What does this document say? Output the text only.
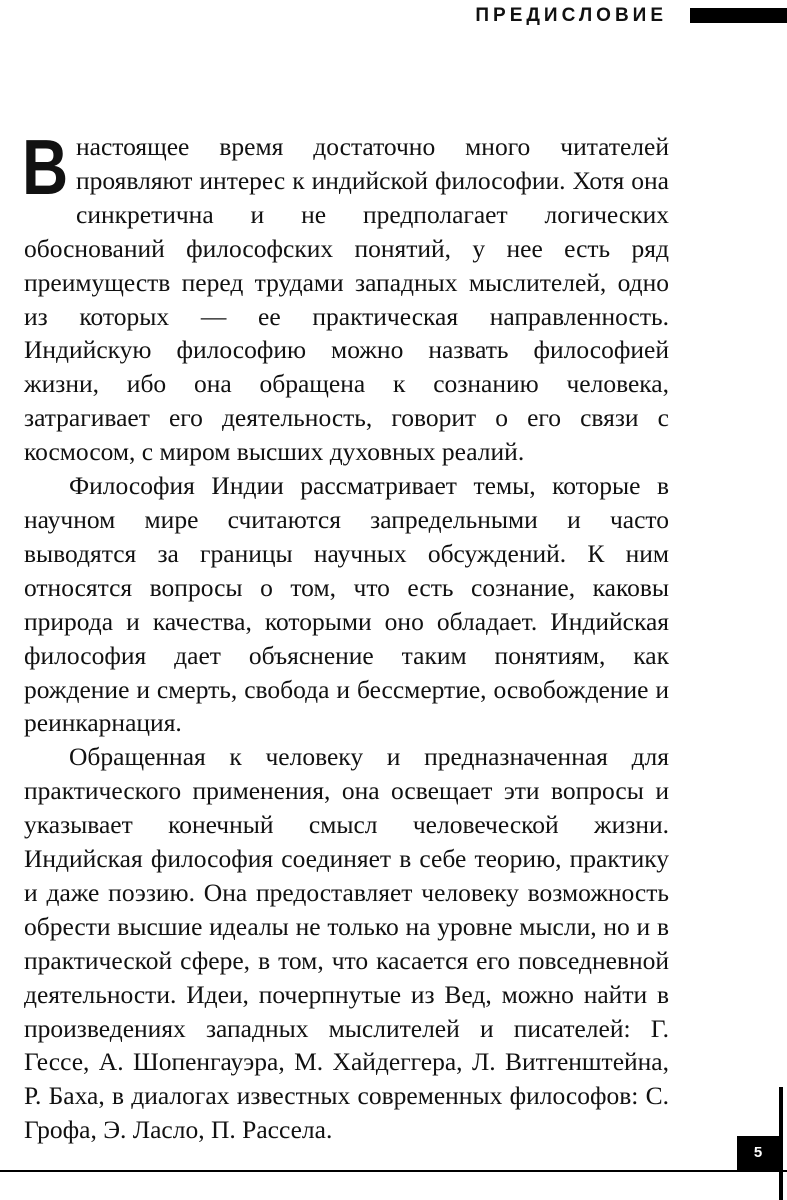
ПРЕДИСЛОВИЕ

В настоящее время достаточно много читателей проявляют интерес к индийской философии. Хотя она синкретична и не предполагает логических обоснований философских понятий, у нее есть ряд преимуществ перед трудами западных мыслителей, одно из которых — ее практическая направленность. Индийскую философию можно назвать философией жизни, ибо она обращена к сознанию человека, затрагивает его деятельность, говорит о его связи с космосом, с миром высших духовных реалий.

Философия Индии рассматривает темы, которые в научном мире считаются запредельными и часто выводятся за границы научных обсуждений. К ним относятся вопросы о том, что есть сознание, каковы природа и качества, которыми оно обладает. Индийская философия дает объяснение таким понятиям, как рождение и смерть, свобода и бессмертие, освобождение и реинкарнация.

Обращенная к человеку и предназначенная для практического применения, она освещает эти вопросы и указывает конечный смысл человеческой жизни. Индийская философия соединяет в себе теорию, практику и даже поэзию. Она предоставляет человеку возможность обрести высшие идеалы не только на уровне мысли, но и в практической сфере, в том, что касается его повседневной деятельности. Идеи, почерпнутые из Вед, можно найти в произведениях западных мыслителей и писателей: Г. Гессе, А. Шопенгауэра, М. Хайдеггера, Л. Витгенштейна, Р. Баха, в диалогах известных современных философов: С. Грофа, Э. Ласло, П. Рассела.

5
